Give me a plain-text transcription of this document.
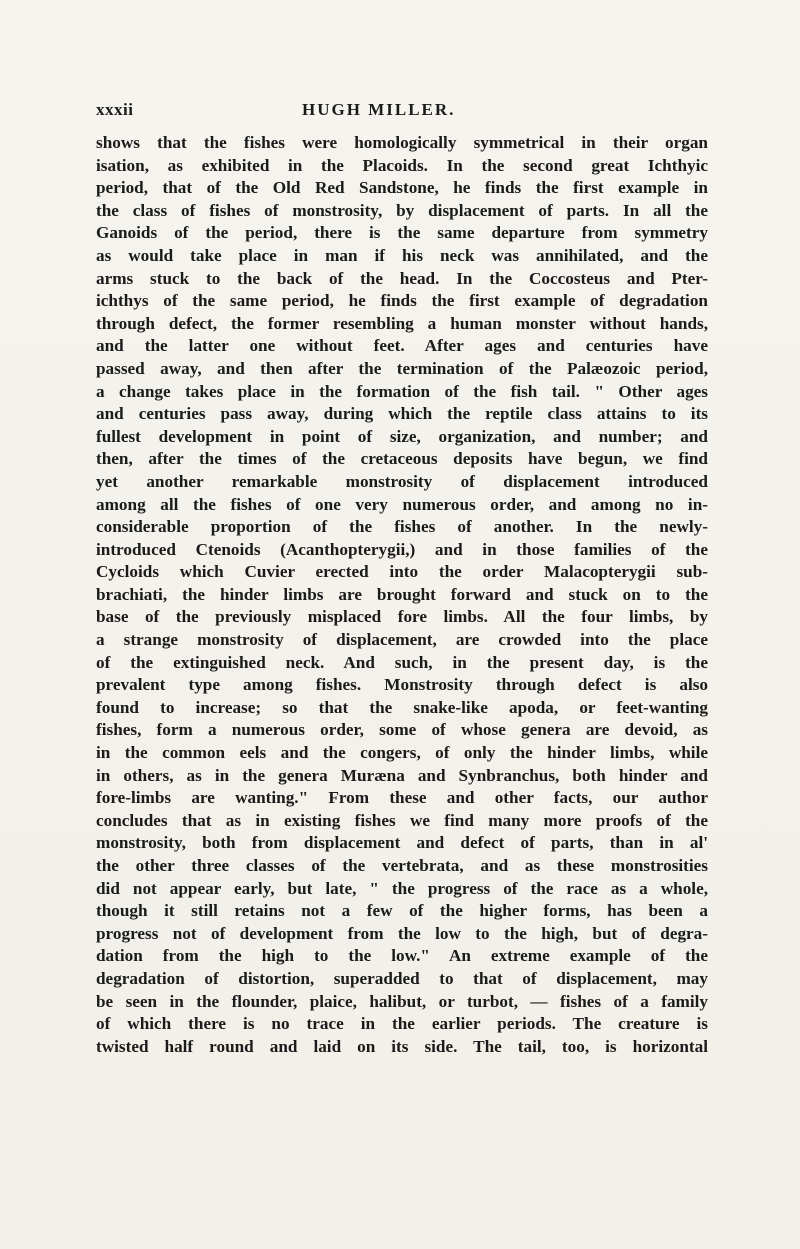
xxxii	HUGH MILLER.
shows that the fishes were homologically symmetrical in their organ
isation, as exhibited in the Placoids. In the second great Ichthyic
period, that of the Old Red Sandstone, he finds the first example in
the class of fishes of monstrosity, by displacement of parts. In all the
Ganoids of the period, there is the same departure from symmetry
as would take place in man if his neck was annihilated, and the
arms stuck to the back of the head. In the Coccosteus and Pter-
ichthys of the same period, he finds the first example of degradation
through defect, the former resembling a human monster without hands,
and the latter one without feet. After ages and centuries have
passed away, and then after the termination of the Palæozoic period,
a change takes place in the formation of the fish tail. " Other ages
and centuries pass away, during which the reptile class attains to its
fullest development in point of size, organization, and number; and
then, after the times of the cretaceous deposits have begun, we find
yet another remarkable monstrosity of displacement introduced
among all the fishes of one very numerous order, and among no in-
considerable proportion of the fishes of another. In the newly-
introduced Ctenoids (Acanthopterygii,) and in those families of the
Cycloids which Cuvier erected into the order Malacopterygii sub-
brachiati, the hinder limbs are brought forward and stuck on to the
base of the previously misplaced fore limbs. All the four limbs, by
a strange monstrosity of displacement, are crowded into the place
of the extinguished neck. And such, in the present day, is the
prevalent type among fishes. Monstrosity through defect is also
found to increase; so that the snake-like apoda, or feet-wanting
fishes, form a numerous order, some of whose genera are devoid, as
in the common eels and the congers, of only the hinder limbs, while
in others, as in the genera Muræna and Synbranchus, both hinder and
fore-limbs are wanting." From these and other facts, our author
concludes that as in existing fishes we find many more proofs of the
monstrosity, both from displacement and defect of parts, than in al'
the other three classes of the vertebrata, and as these monstrosities
did not appear early, but late, " the progress of the race as a whole,
though it still retains not a few of the higher forms, has been a
progress not of development from the low to the high, but of degra-
dation from the high to the low." An extreme example of the
degradation of distortion, superadded to that of displacement, may
be seen in the flounder, plaice, halibut, or turbot, — fishes of a family
of which there is no trace in the earlier periods. The creature is
twisted half round and laid on its side. The tail, too, is horizontal
